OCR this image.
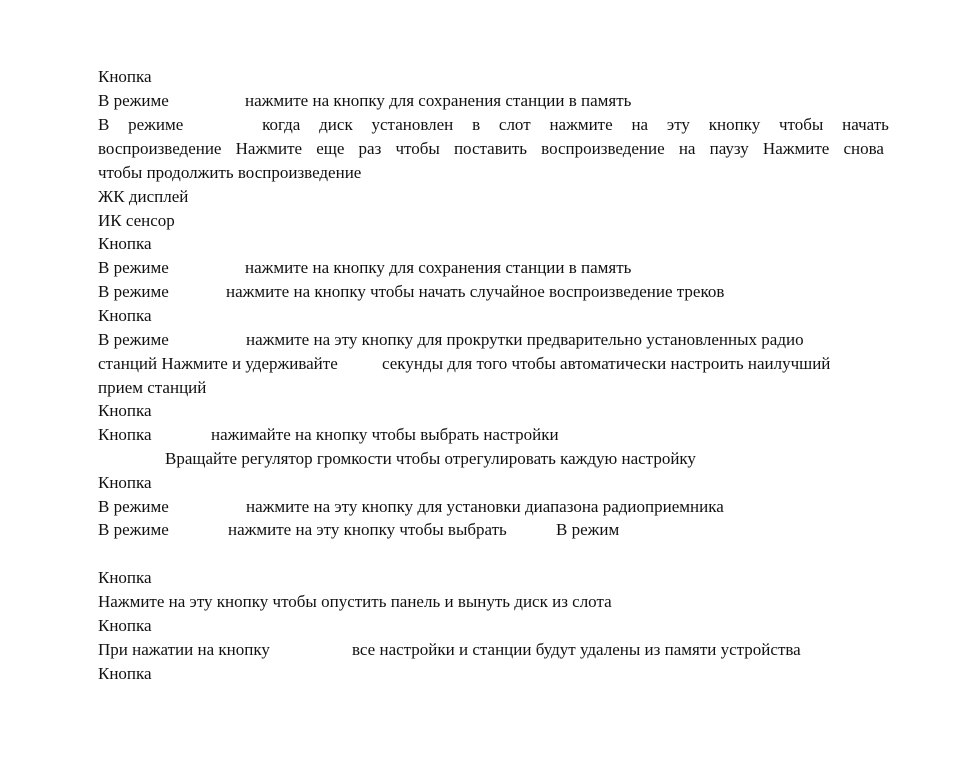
Кнопка
В режиме	нажмите на кнопку для сохранения станции в память
В режиме	когда диск установлен в слот нажмите на эту кнопку чтобы начать
воспроизведение Нажмите еще раз чтобы поставить воспроизведение на паузу Нажмите снова
чтобы продолжить воспроизведение
ЖК дисплей
ИК сенсор
Кнопка
В режиме	нажмите на кнопку для сохранения станции в память
В режиме	нажмите на кнопку чтобы начать случайное воспроизведение треков
Кнопка
В режиме	нажмите на эту кнопку для прокрутки предварительно установленных радио
станций Нажмите и удерживайте	секунды для того чтобы автоматически настроить наилучший
прием станций
Кнопка
Кнопка	нажимайте на кнопку чтобы выбрать настройки
Вращайте регулятор громкости чтобы отрегулировать каждую настройку
Кнопка
В режиме	нажмите на эту кнопку для установки диапазона радиоприемника
В режиме	нажмите на эту кнопку чтобы выбрать	В режим
Кнопка
Нажмите на эту кнопку чтобы опустить панель и вынуть диск из слота
Кнопка
При нажатии на кнопку	все настройки и станции будут удалены из памяти устройства
Кнопка
